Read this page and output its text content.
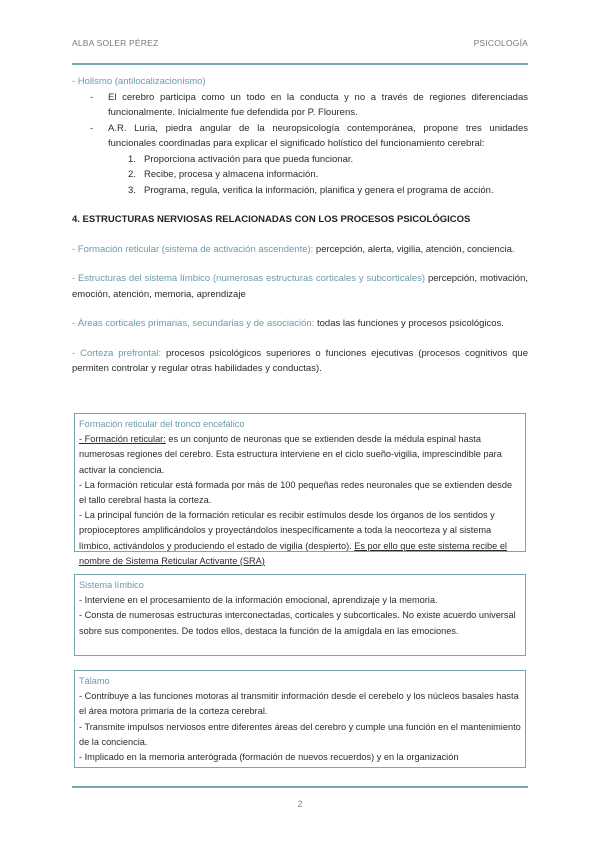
ALBA SOLER PÉREZ	PSICOLOGÍA
- Holismo (antilocalizacionismo)
- El cerebro participa como un todo en la conducta y no a través de regiones diferenciadas funcionalmente. Inicialmente fue defendida por P. Flourens.
- A.R. Luria, piedra angular de la neuropsicología contemporánea, propone tres unidades funcionales coordinadas para explicar el significado holístico del funcionamiento cerebral:
1. Proporciona activación para que pueda funcionar.
2. Recibe, procesa y almacena información.
3. Programa, regula, verifica la información, planifica y genera el programa de acción.
4. ESTRUCTURAS NERVIOSAS RELACIONADAS CON LOS PROCESOS PSICOLÓGICOS
- Formación reticular (sistema de activación ascendente): percepción, alerta, vigilia, atención, conciencia.
- Estructuras del sistema límbico (numerosas estructuras corticales y subcorticales) percepción, motivación, emoción, atención, memoria, aprendizaje
- Áreas corticales primarias, secundarias y de asociación: todas las funciones y procesos psicológicos.
- Corteza prefrontal: procesos psicológicos superiores o funciones ejecutivas (procesos cognitivos que permiten controlar y regular otras habilidades y conductas).
Formación reticular del tronco encefálico
- Formación reticular: es un conjunto de neuronas que se extienden desde la médula espinal hasta numerosas regiones del cerebro. Esta estructura interviene en el ciclo sueño-vigilia, imprescindible para activar la conciencia.
- La formación reticular está formada por más de 100 pequeñas redes neuronales que se extienden desde el tallo cerebral hasta la corteza.
- La principal función de la formación reticular es recibir estímulos desde los órganos de los sentidos y propioceptores amplificándolos y proyectándolos inespecíficamente a toda la neocorteza y al sistema límbico, activándolos y produciendo el estado de vigilia (despierto). Es por ello que este sistema recibe el nombre de Sistema Reticular Activante (SRA)
Sistema límbico
- Interviene en el procesamiento de la información emocional, aprendizaje y la memoria.
- Consta de numerosas estructuras interconectadas, corticales y subcorticales. No existe acuerdo universal sobre sus componentes. De todos ellos, destaca la función de la amígdala en las emociones.
Tálamo
- Contribuye a las funciones motoras al transmitir información desde el cerebelo y los núcleos basales hasta el área motora primaria de la corteza cerebral.
- Transmite impulsos nerviosos entre diferentes áreas del cerebro y cumple una función en el mantenimiento de la conciencia.
- Implicado en la memoria anterógrada (formación de nuevos recuerdos) y en la organización
2
